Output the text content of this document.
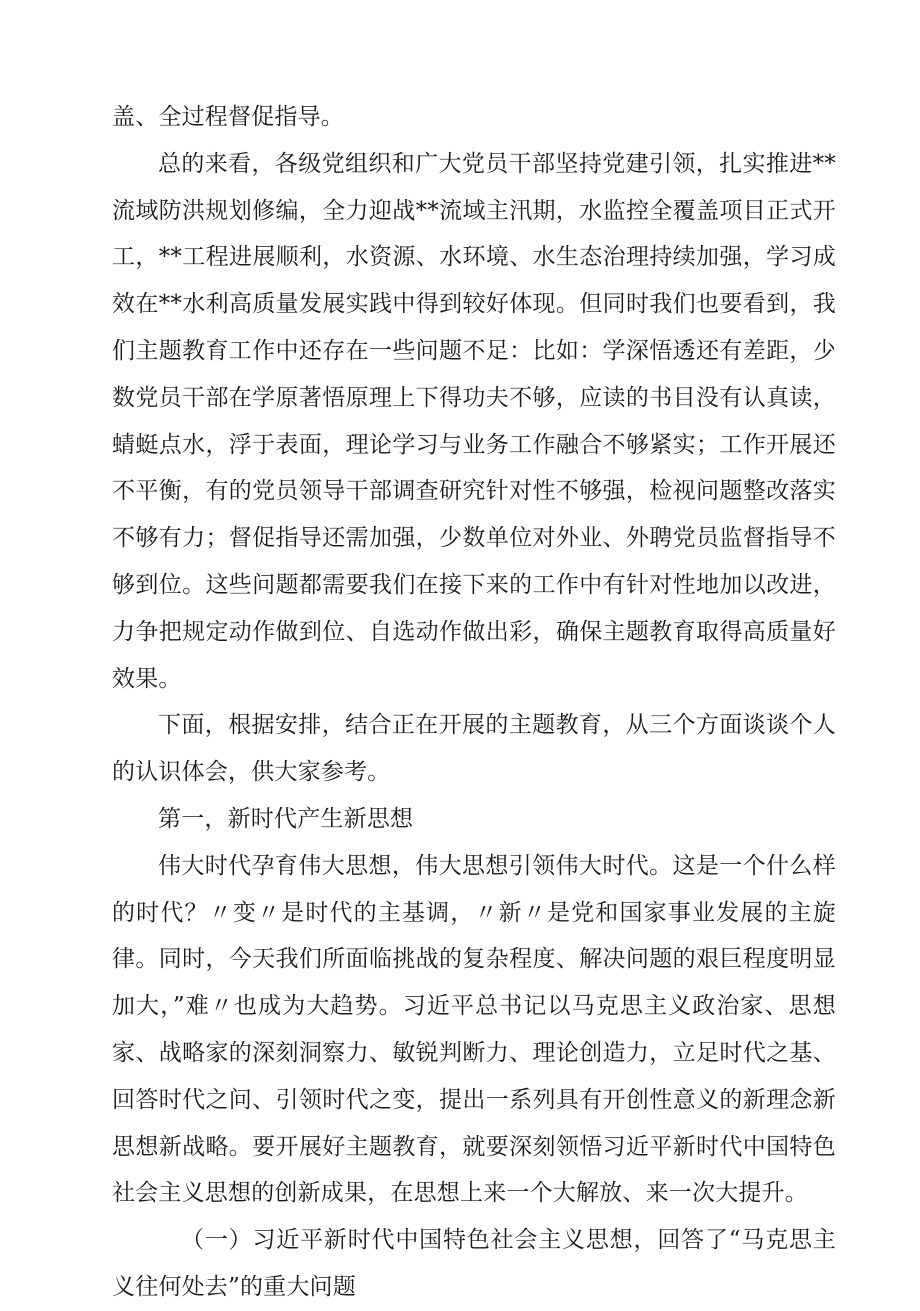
盖、全过程督促指导。

总的来看，各级党组织和广大党员干部坚持党建引领，扎实推进**流域防洪规划修编，全力迎战**流域主汛期，水监控全覆盖项目正式开工，**工程进展顺利，水资源、水环境、水生态治理持续加强，学习成效在**水利高质量发展实践中得到较好体现。但同时我们也要看到，我们主题教育工作中还存在一些问题不足：比如：学深悟透还有差距，少数党员干部在学原著悟原理上下得功夫不够，应读的书目没有认真读，蜻蜓点水，浮于表面，理论学习与业务工作融合不够紧实；工作开展还不平衡，有的党员领导干部调查研究针对性不够强，检视问题整改落实不够有力；督促指导还需加强，少数单位对外业、外聘党员监督指导不够到位。这些问题都需要我们在接下来的工作中有针对性地加以改进，力争把规定动作做到位、自选动作做出彩，确保主题教育取得高质量好效果。

下面，根据安排，结合正在开展的主题教育，从三个方面谈谈个人的认识体会，供大家参考。

第一，新时代产生新思想

伟大时代孕育伟大思想，伟大思想引领伟大时代。这是一个什么样的时代？〃变〃是时代的主基调，〃新〃是党和国家事业发展的主旋律。同时，今天我们所面临挑战的复杂程度、解决问题的艰巨程度明显加大，”难〃也成为大趋势。习近平总书记以马克思主义政治家、思想家、战略家的深刻洞察力、敏锐判断力、理论创造力，立足时代之基、回答时代之问、引领时代之变，提出一系列具有开创性意义的新理念新思想新战略。要开展好主题教育，就要深刻领悟习近平新时代中国特色社会主义思想的创新成果，在思想上来一个大解放、来一次大提升。

（一）习近平新时代中国特色社会主义思想，回答了“马克思主义往何处去”的重大问题
